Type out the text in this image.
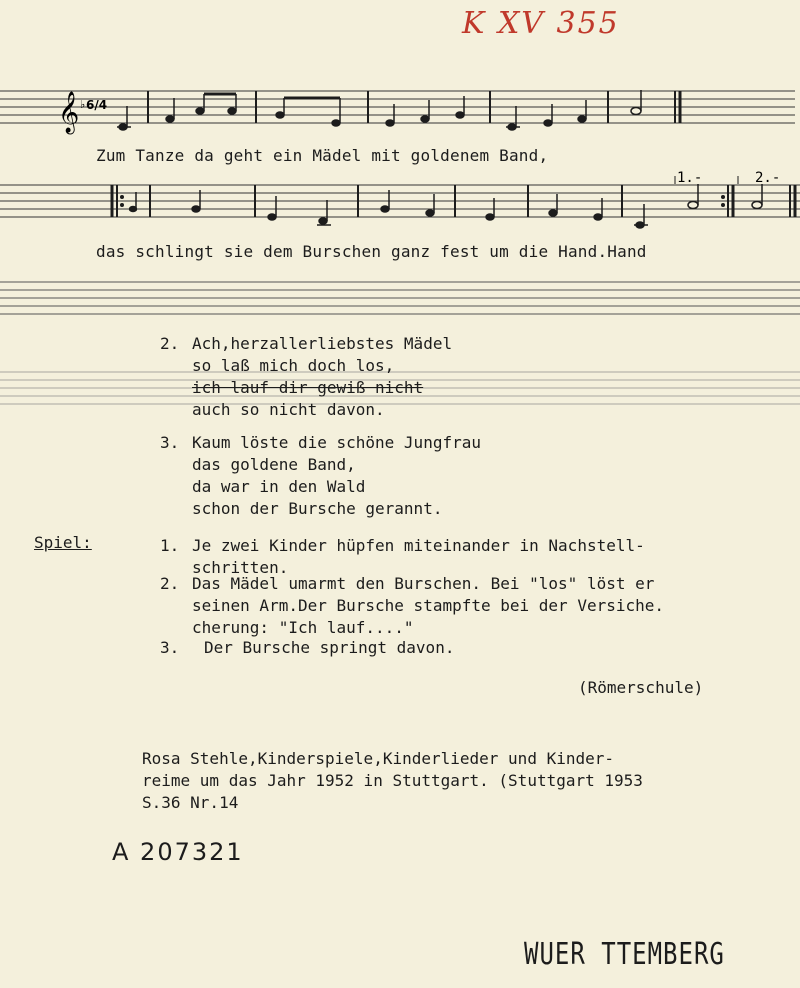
K XV 355
𝄞 ♭ 6/4
Zum Tanze da geht ein Mädel mit goldenem Band,
1.-	2.-
das schlingt sie dem Burschen ganz fest um die Hand.Hand
2. Ach,herzallerliebstes Mädel
so laß mich doch los,
ich lauf dir gewiß nicht
auch so nicht davon.
3. Kaum löste die schöne Jungfrau
das goldene Band,
da war in den Wald
schon der Bursche gerannt.
Spiel:	1. Je zwei Kinder hüpfen miteinander in Nachstell-
schritten.
2. Das Mädel umarmt den Burschen. Bei "los" löst er
seinen Arm.Der Bursche stampfte bei der Versiche.
cherung: "Ich lauf...."
3. Der Bursche springt davon.
(Römerschule)
Rosa Stehle,Kinderspiele,Kinderlieder und Kinder-
reime um das Jahr 1952 in Stuttgart. (Stuttgart 1953
S.36 Nr.14
A 207321
WUER TTEMBERG
